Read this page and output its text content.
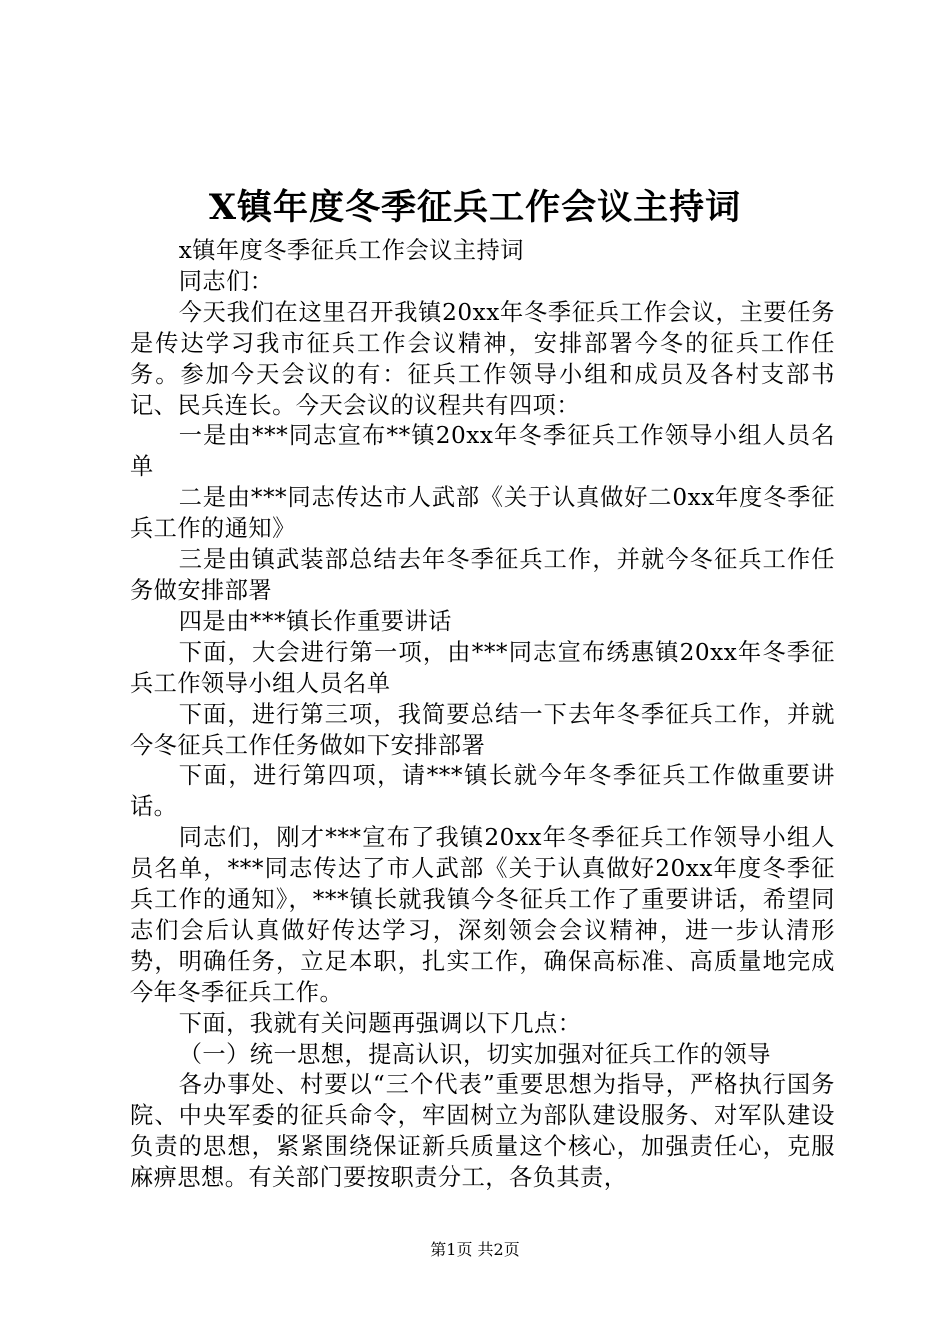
X镇年度冬季征兵工作会议主持词

x镇年度冬季征兵工作会议主持词

同志们：

今天我们在这里召开我镇20xx年冬季征兵工作会议，主要任务是传达学习我市征兵工作会议精神，安排部署今冬的征兵工作任务。参加今天会议的有：征兵工作领导小组和成员及各村支部书记、民兵连长。今天会议的议程共有四项：

一是由***同志宣布**镇20xx年冬季征兵工作领导小组人员名单

二是由***同志传达市人武部《关于认真做好二0xx年度冬季征兵工作的通知》

三是由镇武装部总结去年冬季征兵工作，并就今冬征兵工作任务做安排部署

四是由***镇长作重要讲话

下面，大会进行第一项，由***同志宣布绣惠镇20xx年冬季征兵工作领导小组人员名单

下面，进行第三项，我简要总结一下去年冬季征兵工作，并就今冬征兵工作任务做如下安排部署

下面，进行第四项，请***镇长就今年冬季征兵工作做重要讲话。

同志们，刚才***宣布了我镇20xx年冬季征兵工作领导小组人员名单，***同志传达了市人武部《关于认真做好20xx年度冬季征兵工作的通知》，***镇长就我镇今冬征兵工作了重要讲话，希望同志们会后认真做好传达学习，深刻领会会议精神，进一步认清形势，明确任务，立足本职，扎实工作，确保高标准、高质量地完成今年冬季征兵工作。

下面，我就有关问题再强调以下几点：

（一）统一思想，提高认识，切实加强对征兵工作的领导

各办事处、村要以“三个代表”重要思想为指导，严格执行国务院、中央军委的征兵命令，牢固树立为部队建设服务、对军队建设负责的思想，紧紧围绕保证新兵质量这个核心，加强责任心，克服麻痹思想。有关部门要按职责分工，各负其责，

第1页 共2页
